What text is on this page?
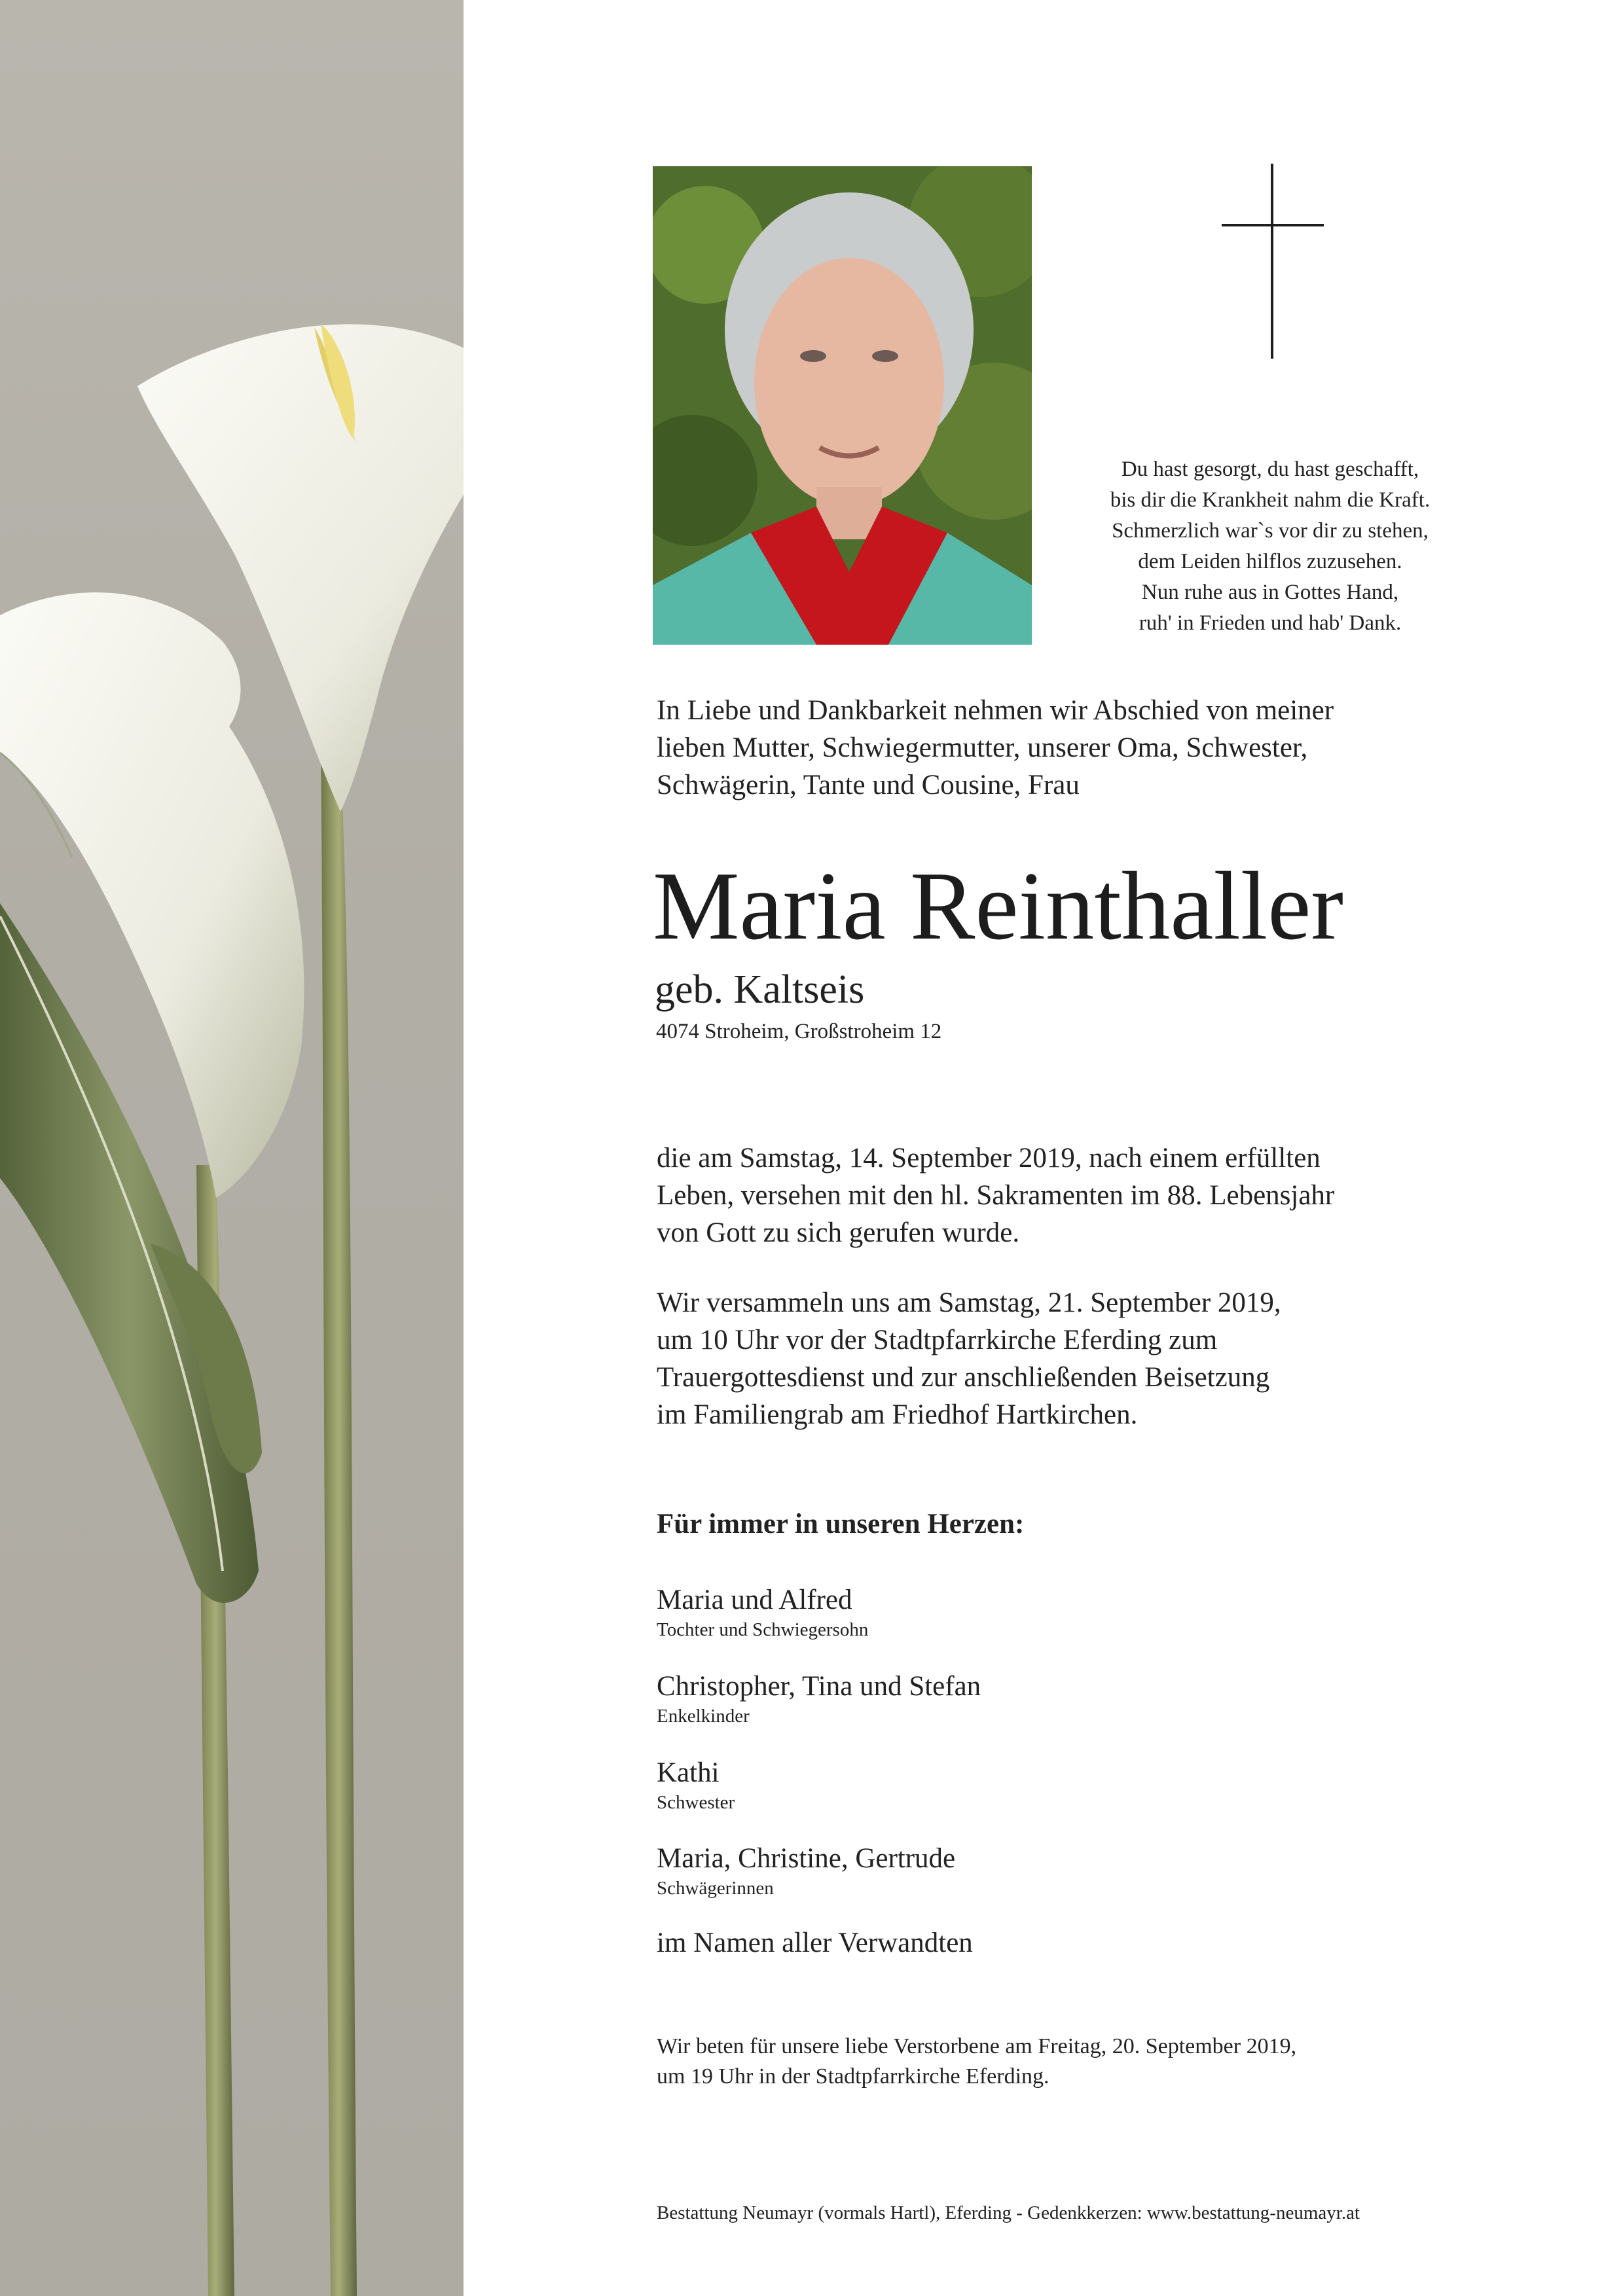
Du hast gesorgt, du hast geschafft,
bis dir die Krankheit nahm die Kraft.
Schmerzlich war`s vor dir zu stehen,
dem Leiden hilflos zuzusehen.
Nun ruhe aus in Gottes Hand,
ruh' in Frieden und hab' Dank.
In Liebe und Dankbarkeit nehmen wir Abschied von meiner
lieben Mutter, Schwiegermutter, unserer Oma, Schwester,
Schwägerin, Tante und Cousine, Frau
Maria Reinthaller
geb. Kaltseis
4074 Stroheim, Großstroheim 12
die am Samstag, 14. September 2019, nach einem erfüllten
Leben, versehen mit den hl. Sakramenten im 88. Lebensjahr
von Gott zu sich gerufen wurde.
Wir versammeln uns am Samstag, 21. September 2019,
um 10 Uhr vor der Stadtpfarrkirche Eferding zum
Trauergottesdienst und zur anschließenden Beisetzung
im Familiengrab am Friedhof Hartkirchen.
Für immer in unseren Herzen:
Maria und Alfred
Tochter und Schwiegersohn
Christopher, Tina und Stefan
Enkelkinder
Kathi
Schwester
Maria, Christine, Gertrude
Schwägerinnen
im Namen aller Verwandten
Wir beten für unsere liebe Verstorbene am Freitag, 20. September 2019,
um 19 Uhr in der Stadtpfarrkirche Eferding.
Bestattung Neumayr (vormals Hartl), Eferding - Gedenkkerzen: www.bestattung-neumayr.at
